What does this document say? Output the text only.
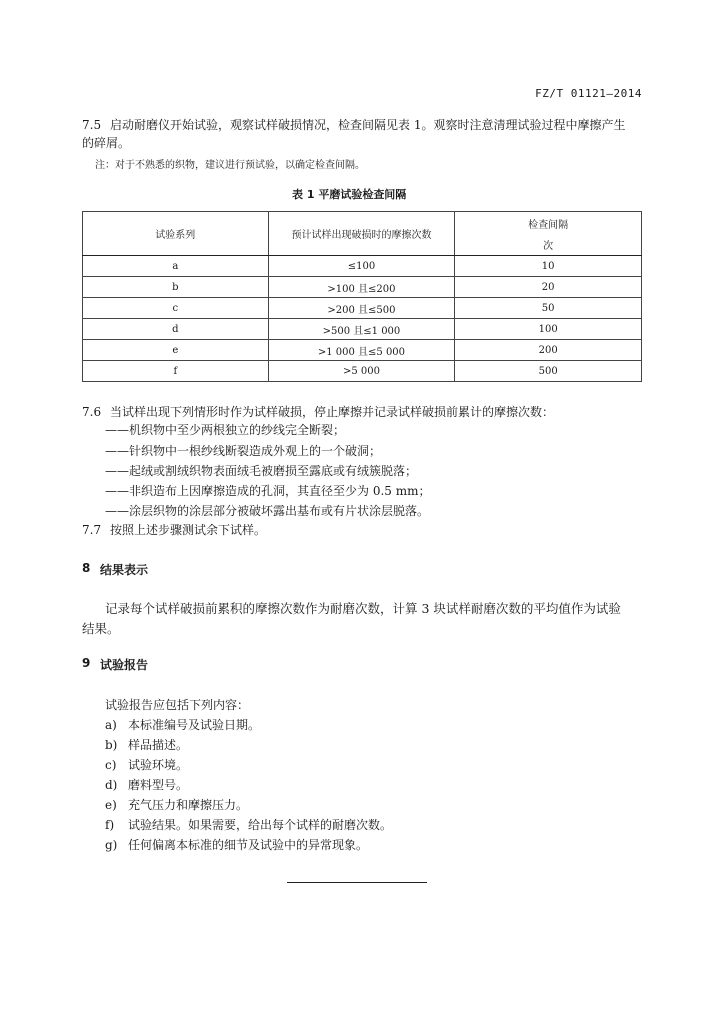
FZ/T 01121—2014
7.5 启动耐磨仪开始试验，观察试样破损情况，检查间隔见表 1。观察时注意清理试验过程中摩擦产生
的碎屑。
注：对于不熟悉的织物，建议进行预试验，以确定检查间隔。
表 1 平磨试验检查间隔
试验系列	预计试样出现破损时的摩擦次数	检查间隔
次

a	≤100	10
b	>100 且≤200	20
c	>200 且≤500	50
d	>500 且≤1 000	100
e	>1 000 且≤5 000	200
f	>5 000	500
7.6 当试样出现下列情形时作为试样破损，停止摩擦并记录试样破损前累计的摩擦次数：
——机织物中至少两根独立的纱线完全断裂；
——针织物中一根纱线断裂造成外观上的一个破洞；
——起绒或割绒织物表面绒毛被磨损至露底或有绒簇脱落；
——非织造布上因摩擦造成的孔洞，其直径至少为 0.5 mm；
——涂层织物的涂层部分被破坏露出基布或有片状涂层脱落。
7.7 按照上述步骤测试余下试样。
8 结果表示
记录每个试样破损前累积的摩擦次数作为耐磨次数，计算 3 块试样耐磨次数的平均值作为试验
结果。
9 试验报告
试验报告应包括下列内容：
a) 本标准编号及试验日期。
b) 样品描述。
c) 试验环境。
d) 磨料型号。
e) 充气压力和摩擦压力。
f) 试验结果。如果需要，给出每个试样的耐磨次数。
g) 任何偏离本标准的细节及试验中的异常现象。
